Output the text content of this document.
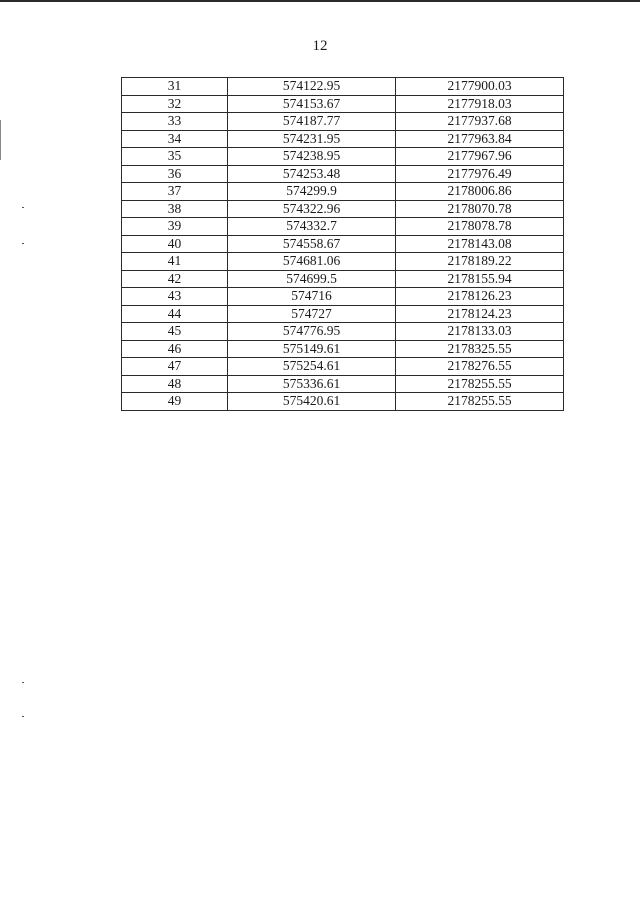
12
31	574122.95	2177900.03
32	574153.67	2177918.03
33	574187.77	2177937.68
34	574231.95	2177963.84
35	574238.95	2177967.96
36	574253.48	2177976.49
37	574299.9	2178006.86
38	574322.96	2178070.78
39	574332.7	2178078.78
40	574558.67	2178143.08
41	574681.06	2178189.22
42	574699.5	2178155.94
43	574716	2178126.23
44	574727	2178124.23
45	574776.95	2178133.03
46	575149.61	2178325.55
47	575254.61	2178276.55
48	575336.61	2178255.55
49	575420.61	2178255.55
